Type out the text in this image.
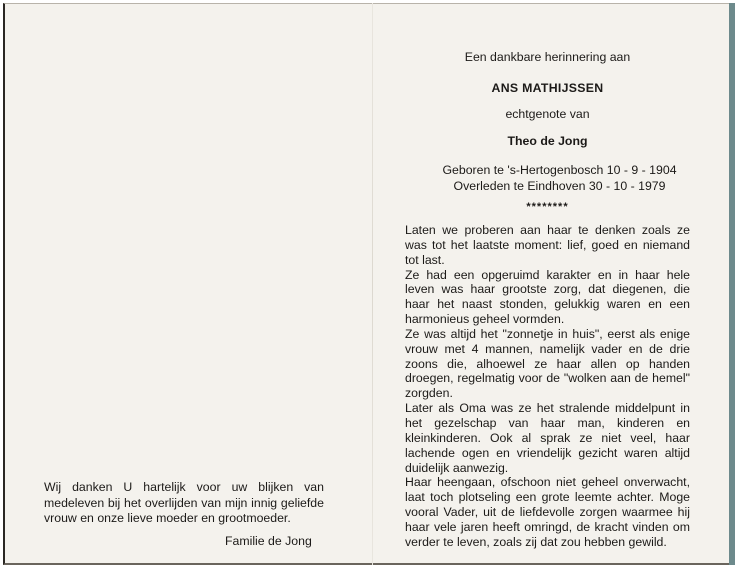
Wij danken U hartelijk voor uw blijken van medeleven bij het overlijden van mijn innig geliefde vrouw en onze lieve moeder en grootmoeder.

Familie de Jong
Een dankbare herinnering aan
ANS MATHIJSSEN
echtgenote van
Theo de Jong
Geboren te 's-Hertogenbosch 10 - 9 - 1904
Overleden te Eindhoven 30 - 10 - 1979
********

Laten we proberen aan haar te denken zoals ze was tot het laatste moment: lief, goed en niemand tot last.

Ze had een opgeruimd karakter en in haar hele leven was haar grootste zorg, dat diegenen, die haar het naast stonden, gelukkig waren en een harmonieus geheel vormden.

Ze was altijd het "zonnetje in huis", eerst als enige vrouw met 4 mannen, namelijk vader en de drie zoons die, alhoewel ze haar allen op handen droegen, regelmatig voor de "wolken aan de hemel" zorgden.

Later als Oma was ze het stralende middelpunt in het gezelschap van haar man, kinderen en kleinkinderen. Ook al sprak ze niet veel, haar lachende ogen en vriendelijk gezicht waren altijd duidelijk aanwezig.

Haar heengaan, ofschoon niet geheel onverwacht, laat toch plotseling een grote leemte achter. Moge vooral Vader, uit de liefdevolle zorgen waarmee hij haar vele jaren heeft omringd, de kracht vinden om verder te leven, zoals zij dat zou hebben gewild.
